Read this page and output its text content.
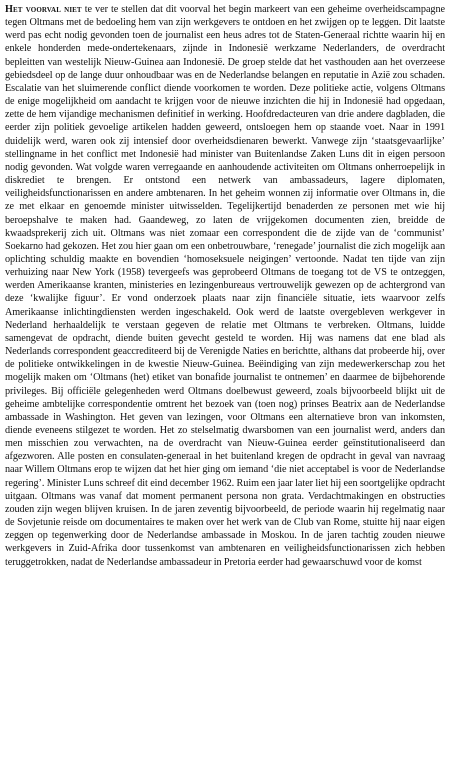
Het voorval niet te ver te stellen dat dit voorval het begin markeert van een geheime overheidscampagne tegen Oltmans met de bedoeling hem van zijn werkgevers te ontdoen en het zwijgen op te leggen. Dit laatste werd pas echt nodig gevonden toen de journalist een heus adres tot de Staten-Generaal richtte waarin hij en enkele honderden mede-ondertekenaars, zijnde in Indonesië werkzame Nederlanders, de overdracht bepleitten van westelijk Nieuw-Guinea aan Indonesië. De groep stelde dat het vasthouden aan het overzeese gebiedsdeel op de lange duur onhoudbaar was en de Nederlandse belangen en reputatie in Azië zou schaden. Escalatie van het sluimerende conflict diende voorkomen te worden. Deze politieke actie, volgens Oltmans de enige mogelijkheid om aandacht te krijgen voor de nieuwe inzichten die hij in Indonesië had opgedaan, zette de hem vijandige mechanismen definitief in werking. Hoofdredacteuren van drie andere dagbladen, die eerder zijn politiek gevoelige artikelen hadden geweerd, ontsloegen hem op staande voet. Naar in 1991 duidelijk werd, waren ook zij intensief door overheidsdienaren bewerkt. Vanwege zijn ‘staatsgevaarlijke’ stellingname in het conflict met Indonesië had minister van Buitenlandse Zaken Luns dit in eigen persoon nodig gevonden. Wat volgde waren verregaande en aanhoudende activiteiten om Oltmans onherroepelijk in diskrediet te brengen. Er ontstond een netwerk van ambassadeurs, lagere diplomaten, veiligheidsfunctionarissen en andere ambtenaren. In het geheim wonnen zij informatie over Oltmans in, die ze met elkaar en genoemde minister uitwisselden. Tegelijkertijd benaderden ze personen met wie hij beroepshalve te maken had. Gaandeweg, zo laten de vrijgekomen documenten zien, breidde de kwaadsprekerij zich uit. Oltmans was niet zomaar een correspondent die de zijde van de ‘communist’ Soekarno had gekozen. Het zou hier gaan om een onbetrouwbare, ‘renegade’ journalist die zich mogelijk aan oplichting schuldig maakte en bovendien ‘homoseksuele neigingen’ vertoonde. Nadat ten tijde van zijn verhuizing naar New York (1958) tevergeefs was geprobeerd Oltmans de toegang tot de VS te ontzeggen, werden Amerikaanse kranten, ministeries en lezingenbureaus vertrouwelijk gewezen op de achtergrond van deze ‘kwalijke figuur’. Er vond onderzoek plaats naar zijn financiële situatie, iets waarvoor zelfs Amerikaanse inlichtingdiensten werden ingeschakeld. Ook werd de laatste overgebleven werkgever in Nederland herhaaldelijk te verstaan gegeven de relatie met Oltmans te verbreken. Oltmans, luidde samengevat de opdracht, diende buiten gevecht gesteld te worden. Hij was namens dat ene blad als Nederlands correspondent geaccrediteerd bij de Verenigde Naties en berichtte, althans dat probeerde hij, over de politieke ontwikkelingen in de kwestie Nieuw-Guinea. Beëindiging van zijn medewerkerschap zou het mogelijk maken om ‘Oltmans (het) etiket van bonafide journalist te ontnemen’ en daarmee de bijbehorende privileges. Bij officiële gelegenheden werd Oltmans doelbewust geweerd, zoals bijvoorbeeld blijkt uit de geheime ambtelijke correspondentie omtrent het bezoek van (toen nog) prinses Beatrix aan de Nederlandse ambassade in Washington. Het geven van lezingen, voor Oltmans een alternatieve bron van inkomsten, diende eveneens stilgezet te worden. Het zo stelselmatig dwarsbomen van een journalist werd, anders dan men misschien zou verwachten, na de overdracht van Nieuw-Guinea eerder geïnstitutionaliseerd dan afgezworen. Alle posten en consulaten-generaal in het buitenland kregen de opdracht in geval van navraag naar Willem Oltmans erop te wijzen dat het hier ging om iemand ‘die niet acceptabel is voor de Nederlandse regering’. Minister Luns schreef dit eind december 1962. Ruim een jaar later liet hij een soortgelijke opdracht uitgaan. Oltmans was vanaf dat moment permanent persona non grata. Verdachtmakingen en obstructies zouden zijn wegen blijven kruisen. In de jaren zeventig bijvoorbeeld, de periode waarin hij regelmatig naar de Sovjetunie reisde om documentaires te maken over het werk van de Club van Rome, stuitte hij naar eigen zeggen op tegenwerking door de Nederlandse ambassade in Moskou. In de jaren tachtig zouden nieuwe werkgevers in Zuid-Afrika door tussenkomst van ambtenaren en veiligheidsfunctionarissen zich hebben teruggetrokken, nadat de Nederlandse ambassadeur in Pretoria eerder had gewaarschuwd voor de komst
